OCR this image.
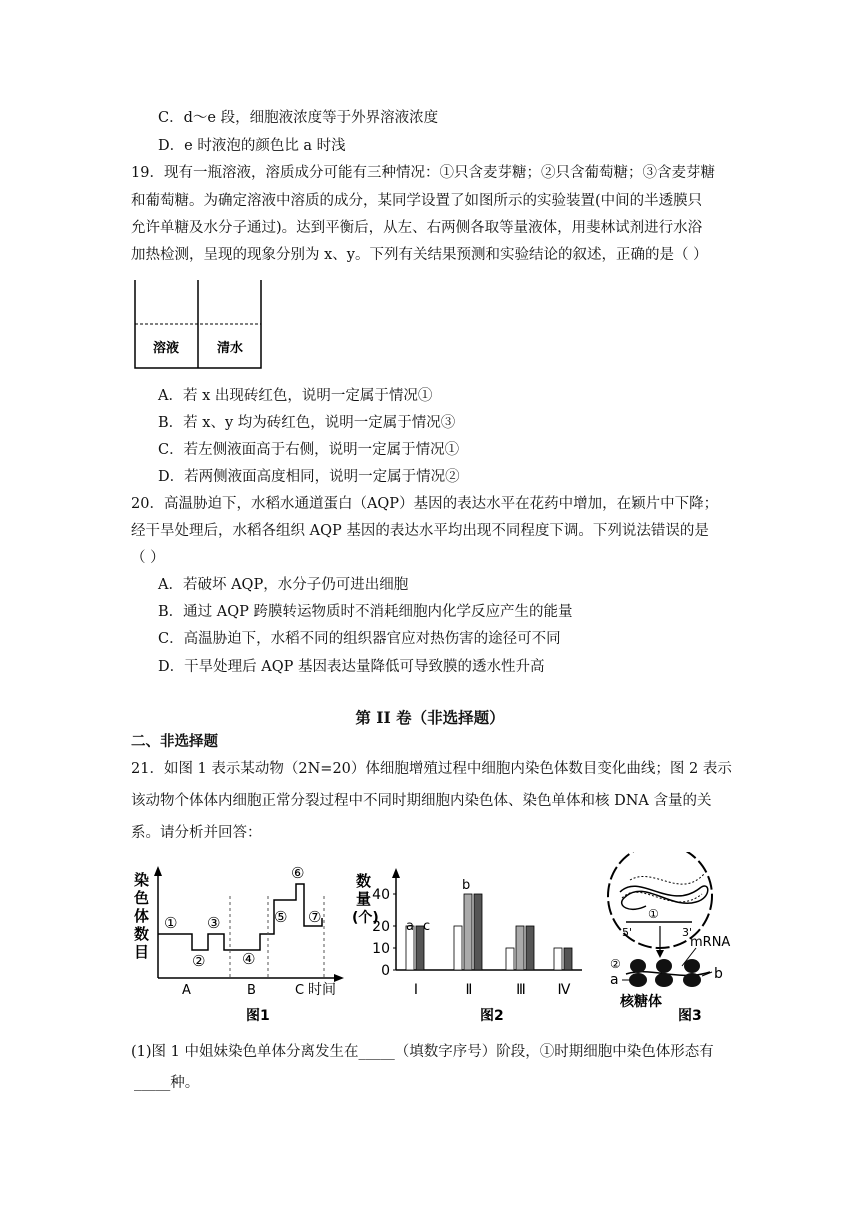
C．d～e 段，细胞液浓度等于外界溶液浓度
D．e 时液泡的颜色比 a 时浅
19．现有一瓶溶液，溶质成分可能有三种情况：①只含麦芽糖；②只含葡萄糖；③含麦芽糖
和葡萄糖。为确定溶液中溶质的成分，某同学设置了如图所示的实验装置(中间的半透膜只
允许单糖及水分子通过)。达到平衡后，从左、右两侧各取等量液体，用斐林试剂进行水浴
加热检测，呈现的现象分别为 x、y。下列有关结果预测和实验结论的叙述，正确的是（ ）
溶液	清水
A．若 x 出现砖红色，说明一定属于情况①
B．若 x、y 均为砖红色，说明一定属于情况③
C．若左侧液面高于右侧，说明一定属于情况①
D．若两侧液面高度相同，说明一定属于情况②
20．高温胁迫下，水稻水通道蛋白（AQP）基因的表达水平在花药中增加，在颖片中下降；
经干旱处理后，水稻各组织 AQP 基因的表达水平均出现不同程度下调。下列说法错误的是
（ ）
A．若破坏 AQP，水分子仍可进出细胞
B．通过 AQP 跨膜转运物质时不消耗细胞内化学反应产生的能量
C．高温胁迫下，水稻不同的组织器官应对热伤害的途径可不同
D．干旱处理后 AQP 基因表达量降低可导致膜的透水性升高
第 II 卷（非选择题）
二、非选择题
21．如图 1 表示某动物（2N=20）体细胞增殖过程中细胞内染色体数目变化曲线；图 2 表示
该动物个体体内细胞正常分裂过程中不同时期细胞内染色体、染色单体和核 DNA 含量的关
系。请分析并回答：
染
色
体
数
目
①
②
③
④
⑤
⑥
⑦
A	B	C 时间
图1
数
量
(个)
0
10
20
40
Ⅰ	Ⅱ	Ⅲ Ⅳ
a
b
c
图2
5'
①
3'
mRNA
②
a	b
核糖体
图3
(1)图 1 中姐妹染色单体分离发生在_____（填数字序号）阶段，①时期细胞中染色体形态有
_____种。
